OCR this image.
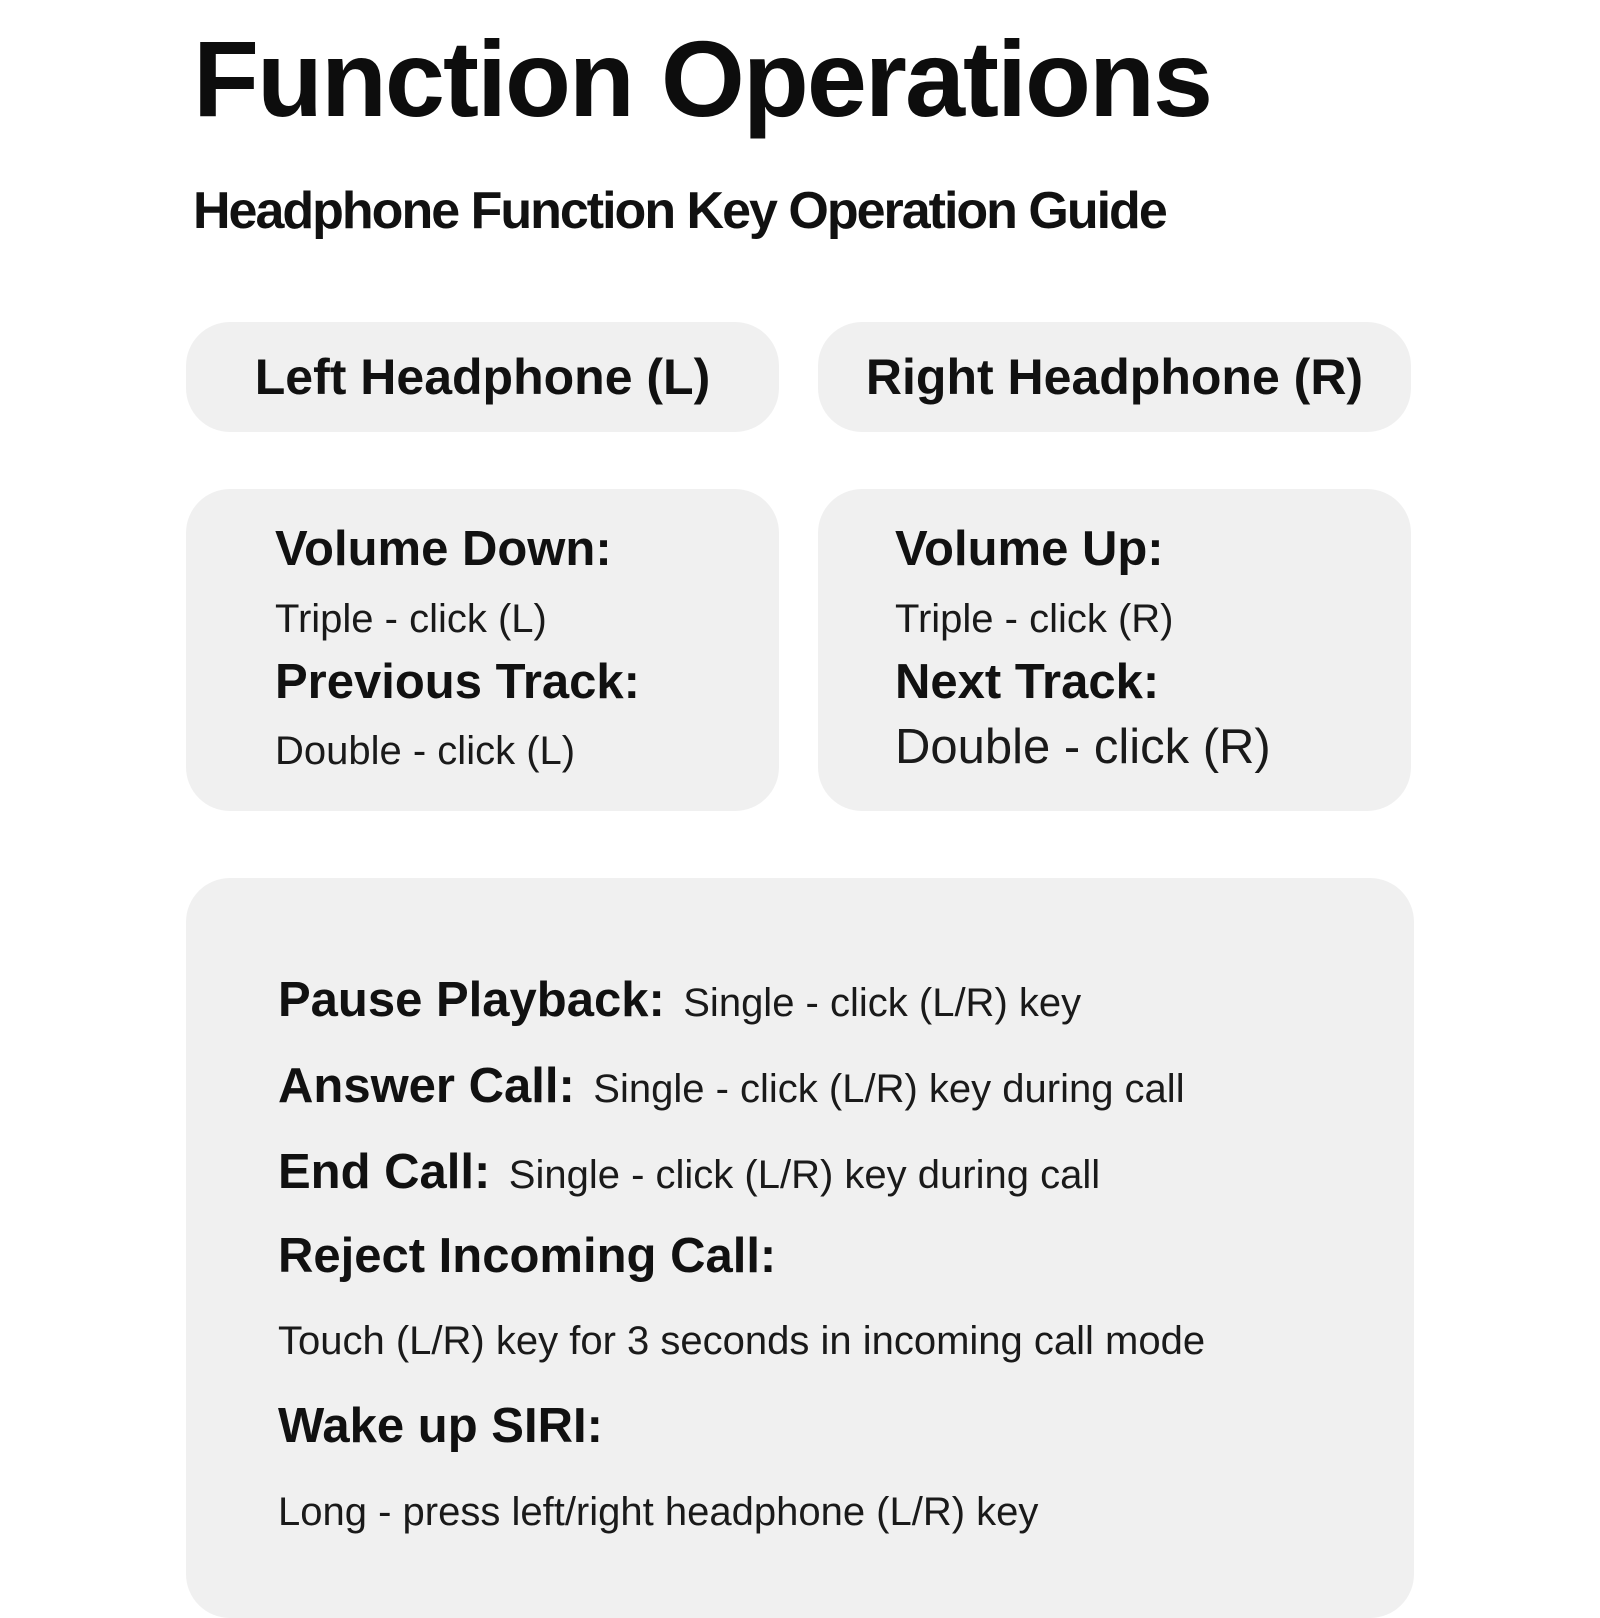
Function Operations
Headphone Function Key Operation Guide
Left Headphone (L)	Right Headphone (R)
Volume Down:
Triple - click (L)
Previous Track:
Double - click (L)
Volume Up:
Triple - click (R)
Next Track:
Double - click (R)
Pause Playback: Single - click (L/R) key
Answer Call: Single - click (L/R) key during call
End Call: Single - click (L/R) key during call
Reject Incoming Call:
Touch (L/R) key for 3 seconds in incoming call mode
Wake up SIRI:
Long - press left/right headphone (L/R) key
